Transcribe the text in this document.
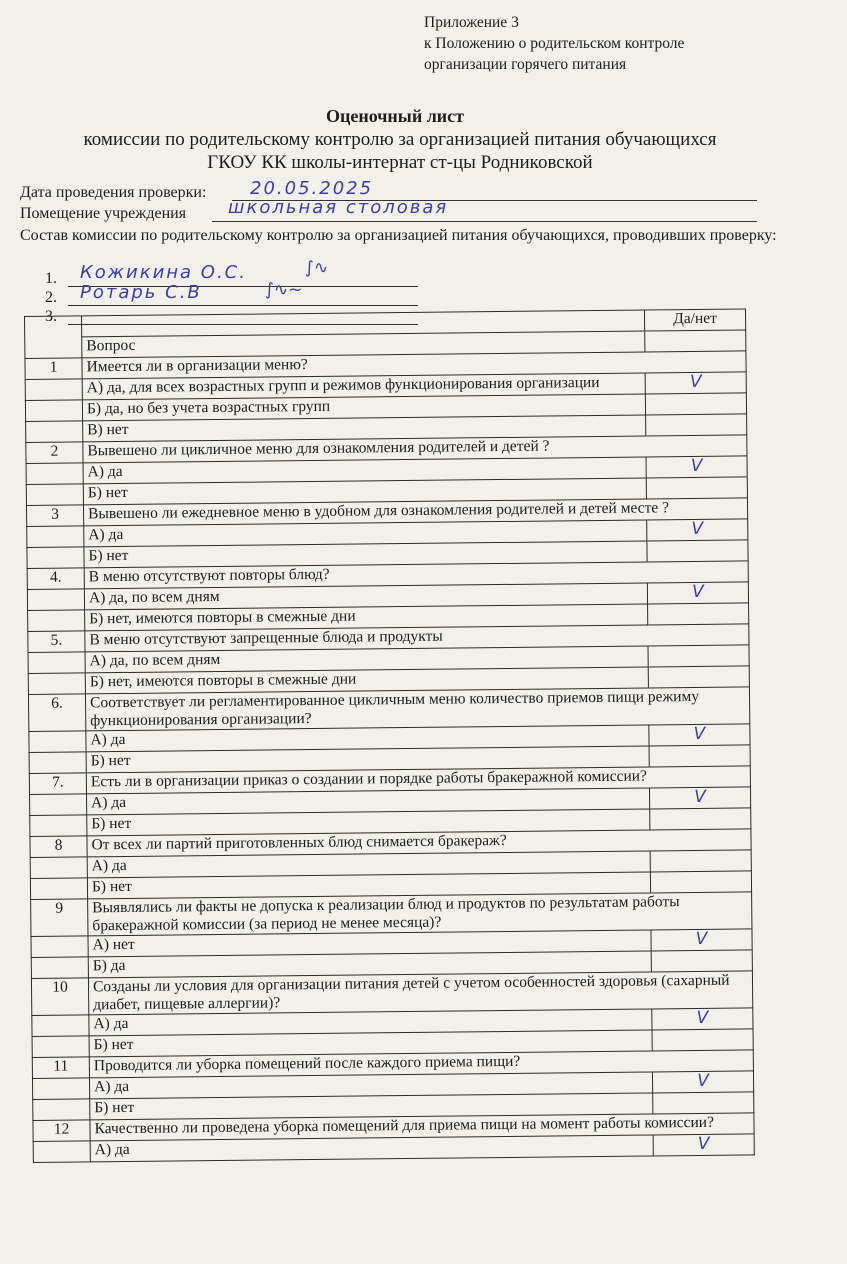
Приложение 3
к Положению о родительском контроле
организации горячего питания
Оценочный лист
комиссии по родительскому контролю за организацией питания обучающихся
ГКОУ КК школы-интернат ст-цы Родниковской
Дата проведения проверки: 20.05.2025
Помещение учреждения школьная столовая
Состав комиссии по родительскому контролю за организацией питания обучающихся, проводивших проверку:
1. Кожикина О.С.	∫∿
2. Ротарь С.В	∫∿~
3.
			Да/нет
	Вопрос	
1	Имеется ли в организации меню?	
	А) да, для всех возрастных групп и режимов функционирования организации	V
	Б) да, но без учета возрастных групп	
	В) нет	
2	Вывешено ли цикличное меню для ознакомления родителей и детей ?	
	А) да	V
	Б) нет	
3	Вывешено ли ежедневное меню в удобном для ознакомления родителей и детей месте ?	
	А) да	V
	Б) нет	
4.	В меню отсутствуют повторы блюд?	
	А) да, по всем дням	V
	Б) нет, имеются повторы в смежные дни	
5.	В меню отсутствуют запрещенные блюда и продукты	
	А) да, по всем дням	
	Б) нет, имеются повторы в смежные дни	
6.	Соответствует ли регламентированное цикличным меню количество приемов пищи режиму функционирования организации?	
	А) да	V
	Б) нет	
7.	Есть ли в организации приказ о создании и порядке работы бракеражной комиссии?	
	А) да	V
	Б) нет	
8	От всех ли партий приготовленных блюд снимается бракераж?	
	А) да	
	Б) нет	
9	Выявлялись ли факты не допуска к реализации блюд и продуктов по результатам работы бракеражной комиссии (за период не менее месяца)?	
	А) нет	V
	Б) да	
10	Созданы ли условия для организации питания детей с учетом особенностей здоровья (сахарный диабет, пищевые аллергии)?	
	А) да	V
	Б) нет	
11	Проводится ли уборка помещений после каждого приема пищи?	
	А) да	V
	Б) нет	
12	Качественно ли проведена уборка помещений для приема пищи на момент работы комиссии?	
	А) да	V
